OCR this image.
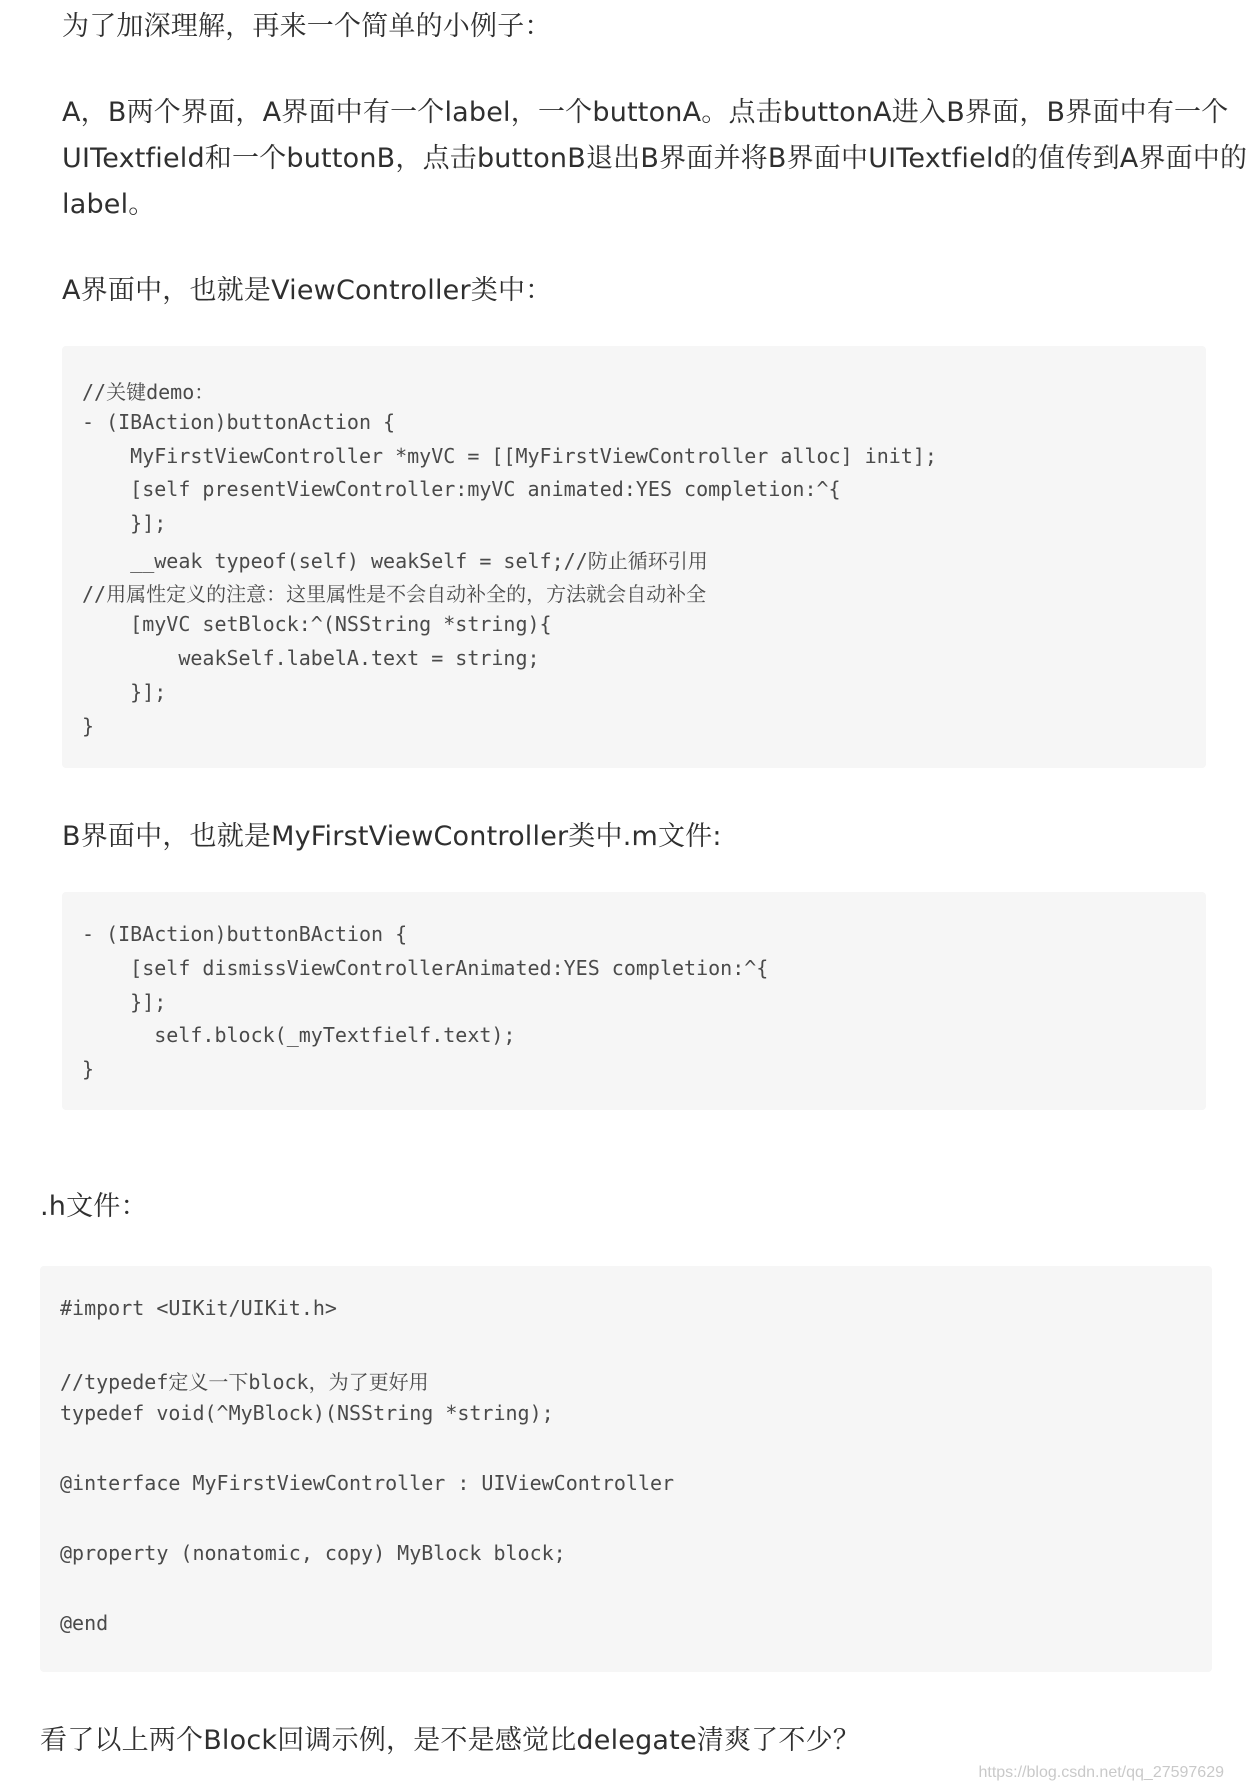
为了加深理解，再来一个简单的小例子：

A，B两个界面，A界面中有一个label，一个buttonA。点击buttonA进入B界面，B界面中有一个

UITextfield和一个buttonB，点击buttonB退出B界面并将B界面中UITextfield的值传到A界面中的

label。

A界面中，也就是ViewController类中：

//关键demo：
- (IBAction)buttonAction {
MyFirstViewController *myVC = [[MyFirstViewController alloc] init];
[self presentViewController:myVC animated:YES completion:^{
}];
__weak typeof(self) weakSelf = self;//防止循环引用
//用属性定义的注意：这里属性是不会自动补全的，方法就会自动补全
[myVC setBlock:^(NSString *string){
weakSelf.labelA.text = string;
}];
}

B界面中，也就是MyFirstViewController类中.m文件:

- (IBAction)buttonBAction {
[self dismissViewControllerAnimated:YES completion:^{
}];
self.block(_myTextfielf.text);
}

.h文件：

#import <UIKit/UIKit.h>
//typedef定义一下block，为了更好用
typedef void(^MyBlock)(NSString *string);
@interface MyFirstViewController : UIViewController
@property (nonatomic, copy) MyBlock block;
@end

看了以上两个Block回调示例，是不是感觉比delegate清爽了不少？

https://blog.csdn.net/qq_27597629
